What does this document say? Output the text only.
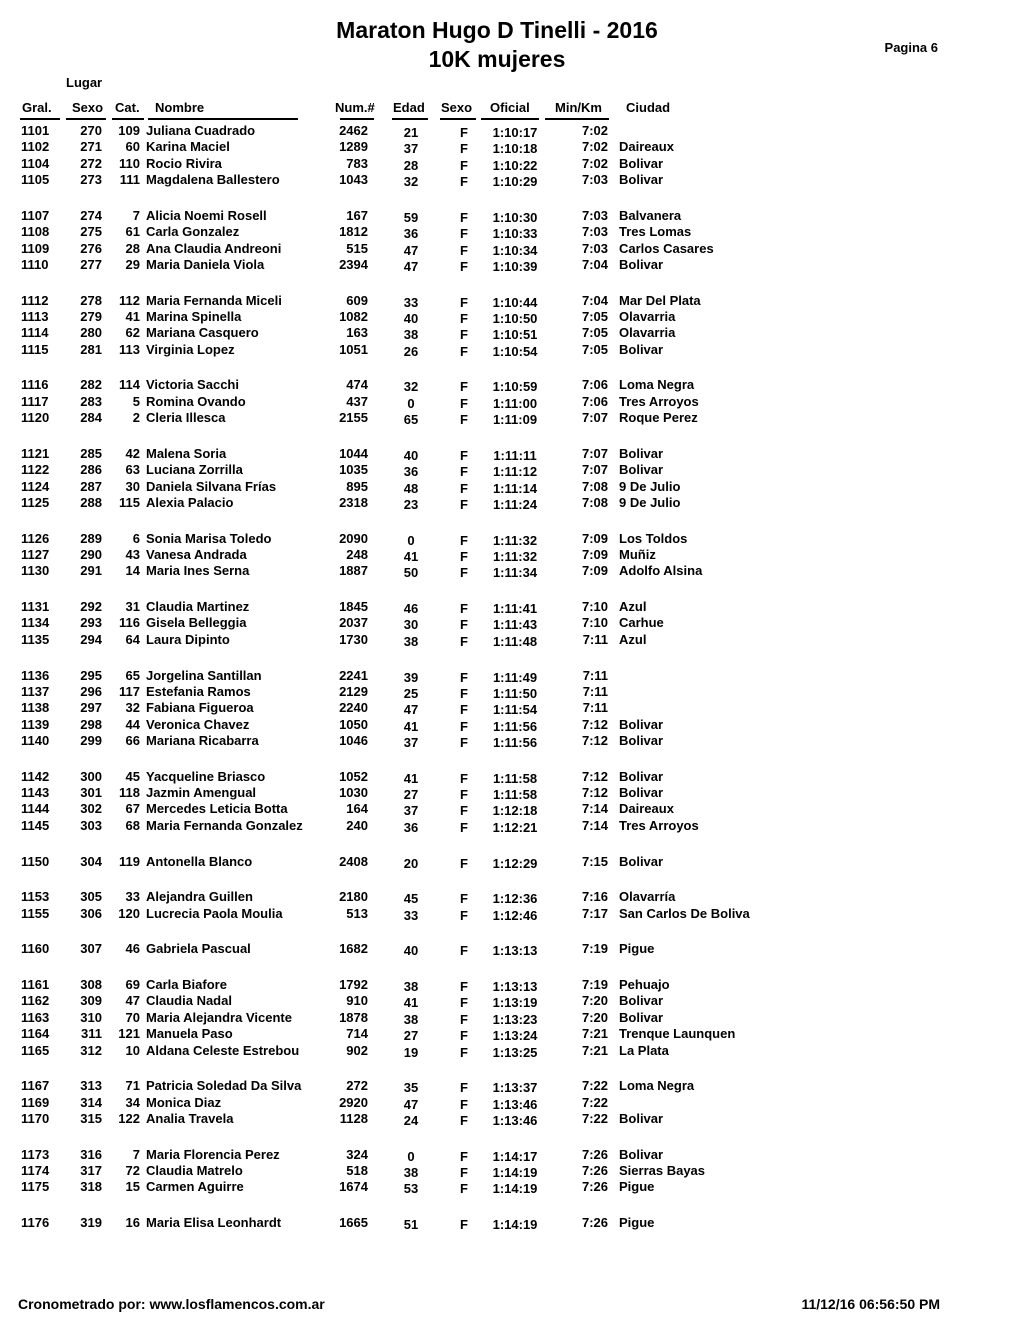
Maraton Hugo D Tinelli - 2016
10K mujeres	Pagina 6
Lugar
Gral. Sexo Cat. Nombre	Num.# Edad Sexo Oficial Min/Km Ciudad
1101	270	109 Juliana Cuadrado	2462	21	F	1:10:17	7:02
1102	271	60 Karina Maciel	1289	37	F	1:10:18	7:02 Daireaux
1104	272	110 Rocio Rivira	783	28	F	1:10:22	7:02 Bolivar
1105	273	111 Magdalena Ballestero	1043	32	F	1:10:29	7:03 Bolivar
1107	274	7 Alicia Noemi Rosell	167	59	F	1:10:30	7:03 Balvanera
1108	275	61 Carla Gonzalez	1812	36	F	1:10:33	7:03 Tres Lomas
1109	276	28 Ana Claudia Andreoni	515	47	F	1:10:34	7:03 Carlos Casares
1110	277	29 Maria Daniela Viola	2394	47	F	1:10:39	7:04 Bolivar
1112	278	112 Maria Fernanda Miceli	609	33	F	1:10:44	7:04 Mar Del Plata
1113	279	41 Marina Spinella	1082	40	F	1:10:50	7:05 Olavarria
1114	280	62 Mariana Casquero	163	38	F	1:10:51	7:05 Olavarria
1115	281	113 Virginia Lopez	1051	26	F	1:10:54	7:05 Bolivar
1116	282	114 Victoria Sacchi	474	32	F	1:10:59	7:06 Loma Negra
1117	283	5 Romina Ovando	437	0	F	1:11:00	7:06 Tres Arroyos
1120	284	2 Cleria Illesca	2155	65	F	1:11:09	7:07 Roque Perez
1121	285	42 Malena Soria	1044	40	F	1:11:11	7:07 Bolivar
1122	286	63 Luciana Zorrilla	1035	36	F	1:11:12	7:07 Bolivar
1124	287	30 Daniela Silvana Frías	895	48	F	1:11:14	7:08 9 De Julio
1125	288	115 Alexia Palacio	2318	23	F	1:11:24	7:08 9 De Julio
1126	289	6 Sonia Marisa Toledo	2090	0	F	1:11:32	7:09 Los Toldos
1127	290	43 Vanesa Andrada	248	41	F	1:11:32	7:09 Muñiz
1130	291	14 Maria Ines Serna	1887	50	F	1:11:34	7:09 Adolfo Alsina
1131	292	31 Claudia Martinez	1845	46	F	1:11:41	7:10 Azul
1134	293	116 Gisela Belleggia	2037	30	F	1:11:43	7:10 Carhue
1135	294	64 Laura Dipinto	1730	38	F	1:11:48	7:11 Azul
1136	295	65 Jorgelina Santillan	2241	39	F	1:11:49	7:11
1137	296	117 Estefania Ramos	2129	25	F	1:11:50	7:11
1138	297	32 Fabiana Figueroa	2240	47	F	1:11:54	7:11
1139	298	44 Veronica Chavez	1050	41	F	1:11:56	7:12 Bolivar
1140	299	66 Mariana Ricabarra	1046	37	F	1:11:56	7:12 Bolivar
1142	300	45 Yacqueline Briasco	1052	41	F	1:11:58	7:12 Bolivar
1143	301	118 Jazmin Amengual	1030	27	F	1:11:58	7:12 Bolivar
1144	302	67 Mercedes Leticia Botta	164	37	F	1:12:18	7:14 Daireaux
1145	303	68 Maria Fernanda Gonzalez	240	36	F	1:12:21	7:14 Tres Arroyos
1150	304	119 Antonella Blanco	2408	20	F	1:12:29	7:15 Bolivar
1153	305	33 Alejandra Guillen	2180	45	F	1:12:36	7:16 Olavarría
1155	306	120 Lucrecia Paola Moulia	513	33	F	1:12:46	7:17 San Carlos De Boliva
1160	307	46 Gabriela Pascual	1682	40	F	1:13:13	7:19 Pigue
1161	308	69 Carla Biafore	1792	38	F	1:13:13	7:19 Pehuajo
1162	309	47 Claudia Nadal	910	41	F	1:13:19	7:20 Bolivar
1163	310	70 Maria Alejandra Vicente	1878	38	F	1:13:23	7:20 Bolivar
1164	311	121 Manuela Paso	714	27	F	1:13:24	7:21 Trenque Launquen
1165	312	10 Aldana Celeste Estrebou	902	19	F	1:13:25	7:21 La Plata
1167	313	71 Patricia Soledad Da Silva	272	35	F	1:13:37	7:22 Loma Negra
1169	314	34 Monica Diaz	2920	47	F	1:13:46	7:22
1170	315	122 Analia Travela	1128	24	F	1:13:46	7:22 Bolivar
1173	316	7 Maria Florencia Perez	324	0	F	1:14:17	7:26 Bolivar
1174	317	72 Claudia Matrelo	518	38	F	1:14:19	7:26 Sierras Bayas
1175	318	15 Carmen Aguirre	1674	53	F	1:14:19	7:26 Pigue
1176	319	16 Maria Elisa Leonhardt	1665	51	F	1:14:19	7:26 Pigue
Cronometrado por: www.losflamencos.com.ar	11/12/16 06:56:50 PM
